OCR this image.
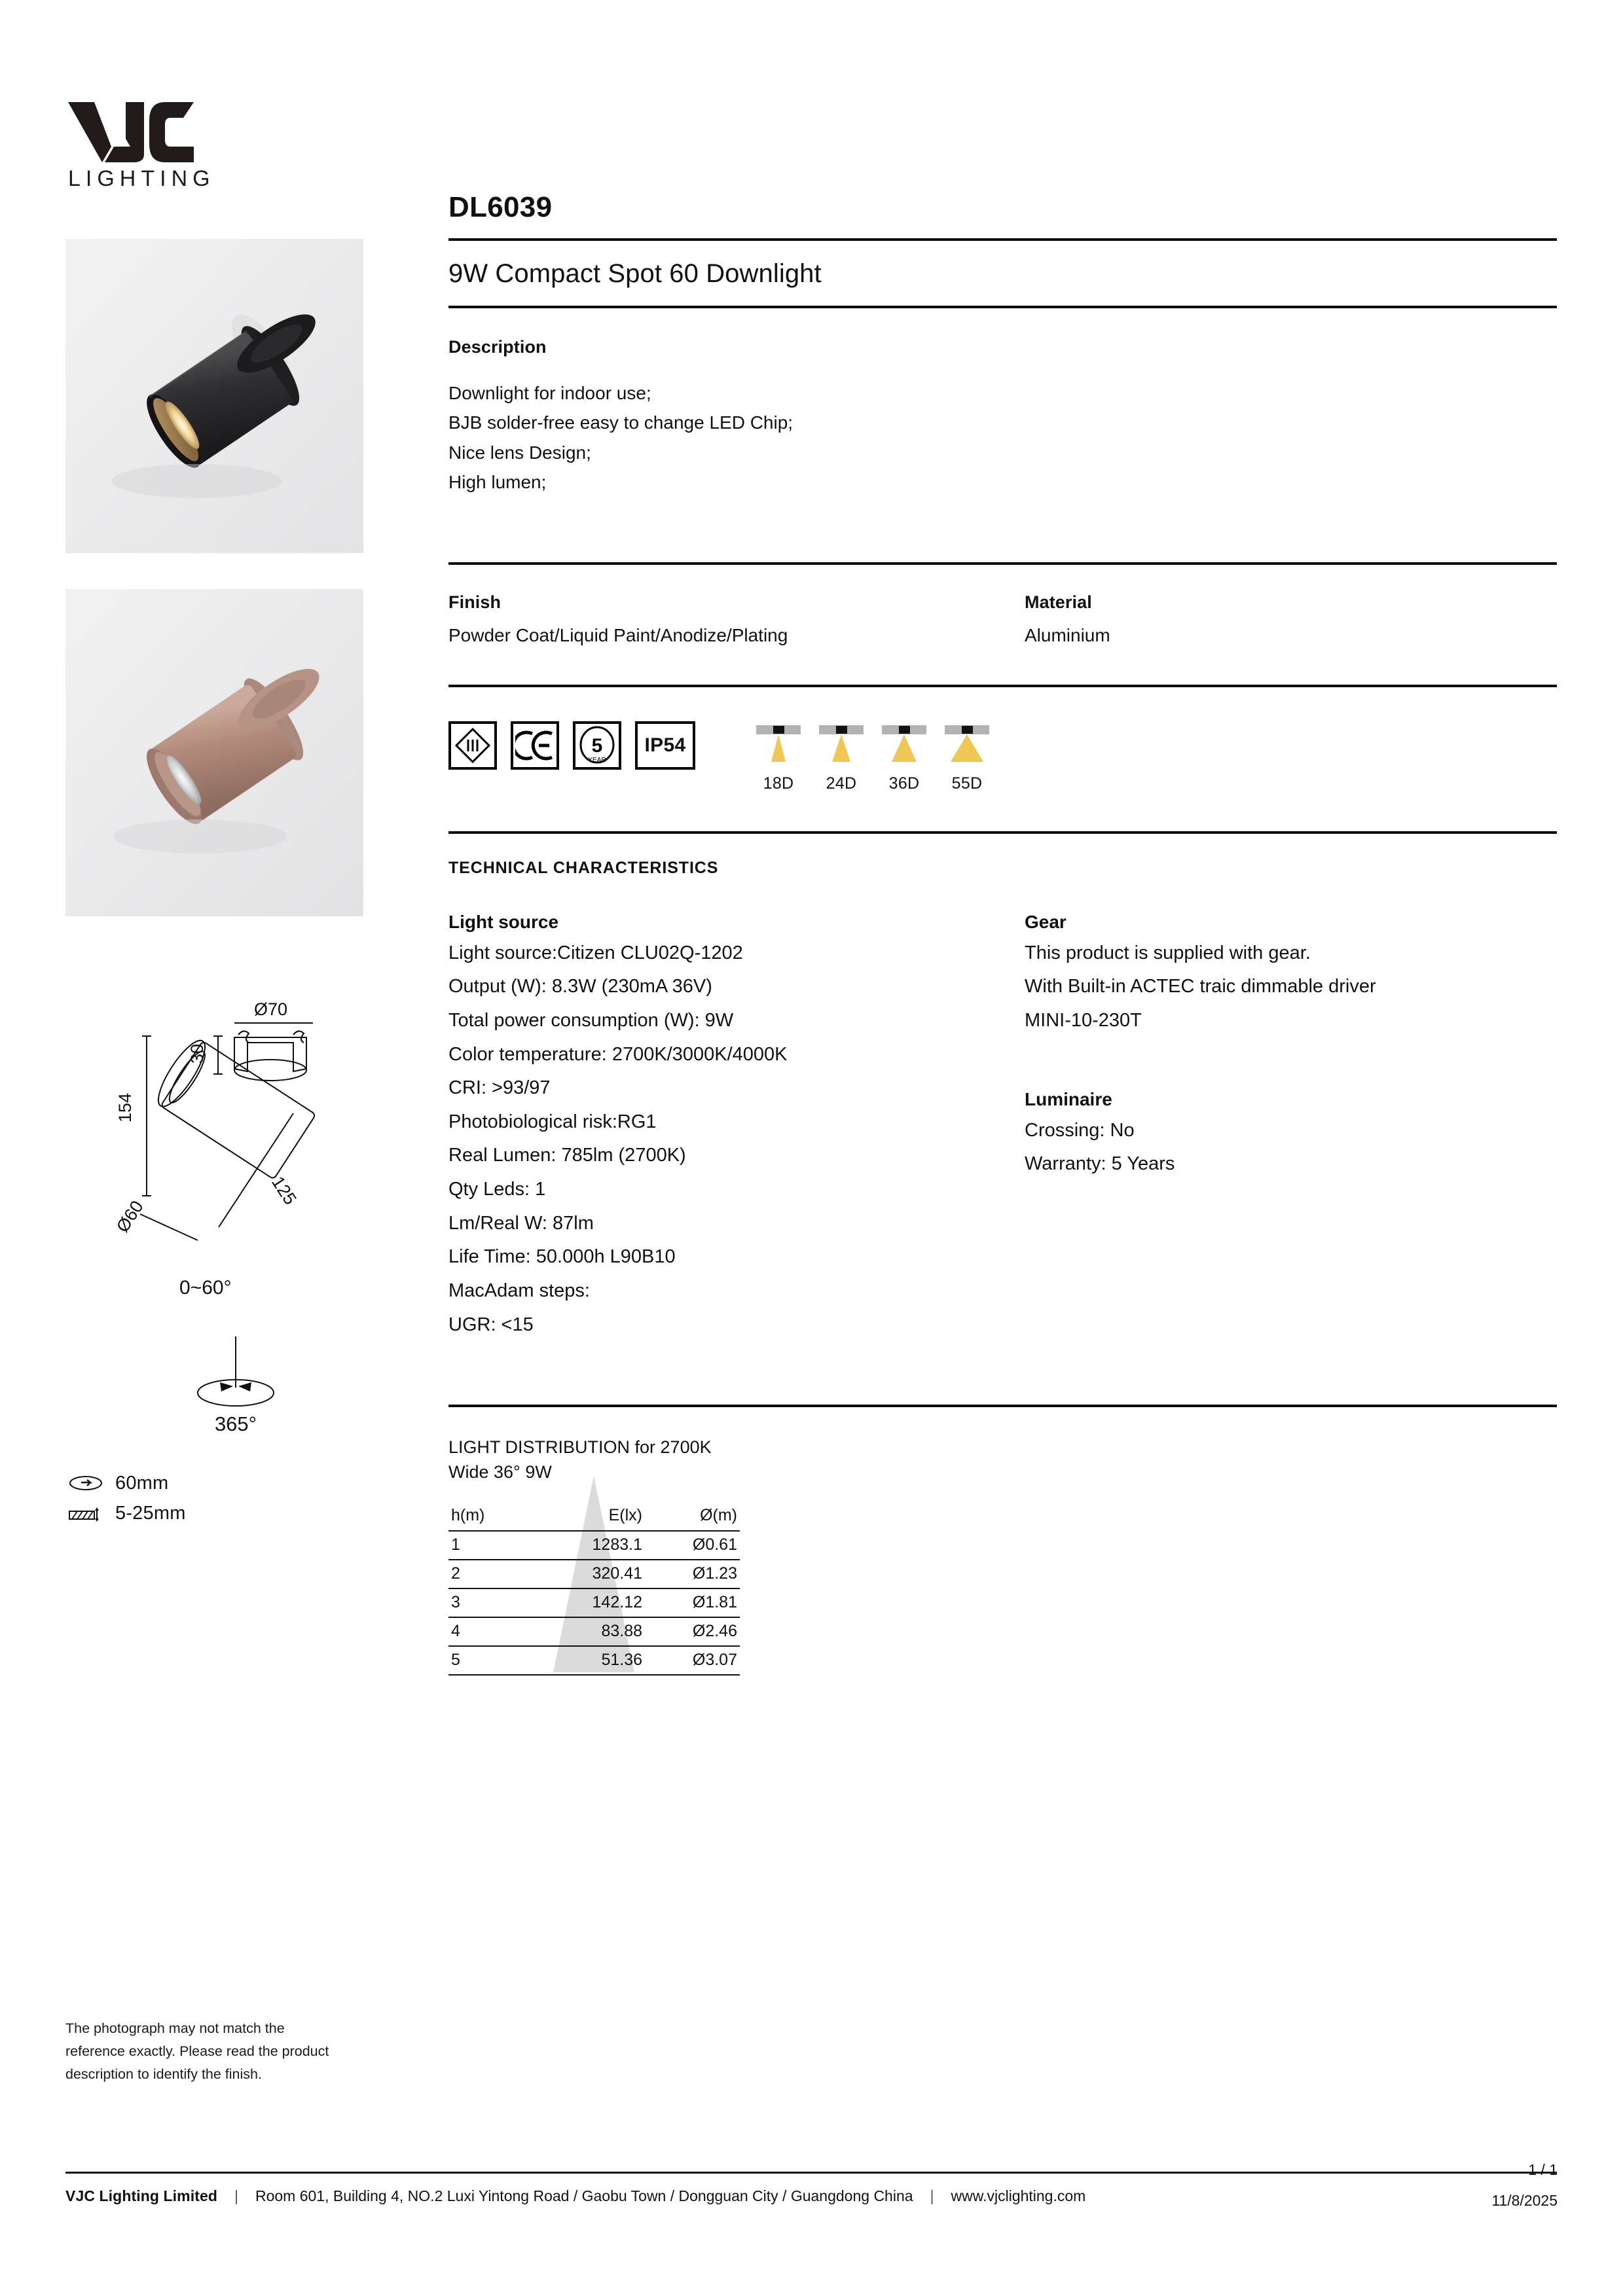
LIGHTING
Ø70
30
154
125
Ø60
0~60°
365°
60mm
5-25mm
The photograph may not match the reference exactly. Please read the product description to identify the finish.
DL6039
9W Compact Spot 60 Downlight
Description
Downlight for indoor use;
BJB solder-free easy to change LED Chip;
Nice lens Design;
High lumen;
Finish
Powder Coat/Liquid Paint/Anodize/Plating
Material
Aluminium
5
YEAR
IP54
18D	24D	36D	55D
TECHNICAL CHARACTERISTICS
Light source
Light source:Citizen CLU02Q-1202
Output (W): 8.3W (230mA 36V)
Total power consumption (W): 9W
Color temperature: 2700K/3000K/4000K
CRI: >93/97
Photobiological risk:RG1
Real Lumen: 785lm (2700K)
Qty Leds: 1
Lm/Real W: 87lm
Life Time: 50.000h L90B10
MacAdam steps:
UGR: <15
Gear
This product is supplied with gear.
With Built-in ACTEC traic dimmable driver
MINI-10-230T
Luminaire
Crossing: No
Warranty: 5 Years
LIGHT DISTRIBUTION for 2700K
Wide 36° 9W
h(m)	E(lx)	Ø(m)
1	1283.1	Ø0.61
2	320.41	Ø1.23
3	142.12	Ø1.81
4	83.88	Ø2.46
5	51.36	Ø3.07
VJC Lighting Limited | Room 601, Building 4, NO.2 Luxi Yintong Road / Gaobu Town / Dongguan City / Guangdong China | www.vjclighting.com
1 / 1
11/8/2025
